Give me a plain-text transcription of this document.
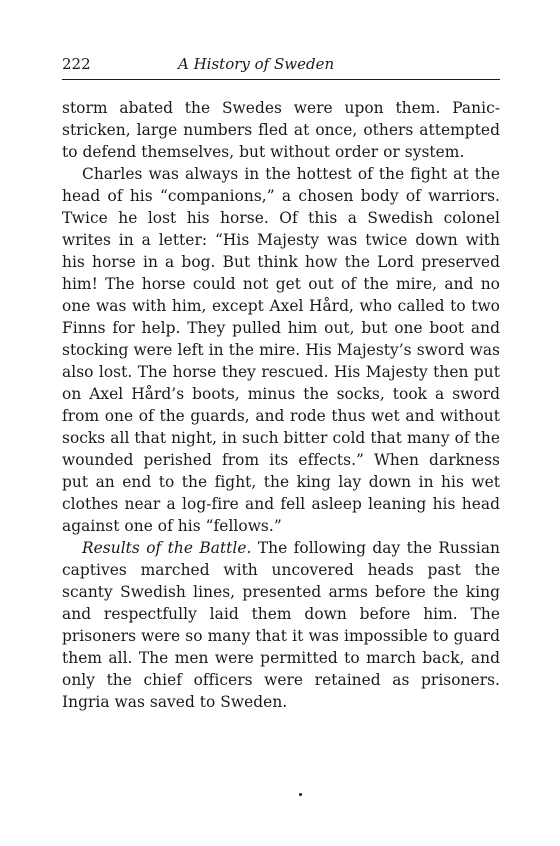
222	A History of Sweden

storm abated the Swedes were upon them. Panic-stricken, large numbers fled at once, others attempted to defend themselves, but without order or system.

Charles was always in the hottest of the fight at the head of his “companions,” a chosen body of warriors. Twice he lost his horse. Of this a Swedish colonel writes in a letter: “His Majesty was twice down with his horse in a bog. But think how the Lord preserved him! The horse could not get out of the mire, and no one was with him, except Axel Hård, who called to two Finns for help. They pulled him out, but one boot and stocking were left in the mire. His Majesty’s sword was also lost. The horse they rescued. His Majesty then put on Axel Hård’s boots, minus the socks, took a sword from one of the guards, and rode thus wet and without socks all that night, in such bitter cold that many of the wounded perished from its effects.” When darkness put an end to the fight, the king lay down in his wet clothes near a log-fire and fell asleep leaning his head against one of his “fellows.”

Results of the Battle. The following day the Russian captives marched with uncovered heads past the scanty Swedish lines, presented arms before the king and respectfully laid them down before him. The prisoners were so many that it was impossible to guard them all. The men were permitted to march back, and only the chief officers were retained as prisoners. Ingria was saved to Sweden.
